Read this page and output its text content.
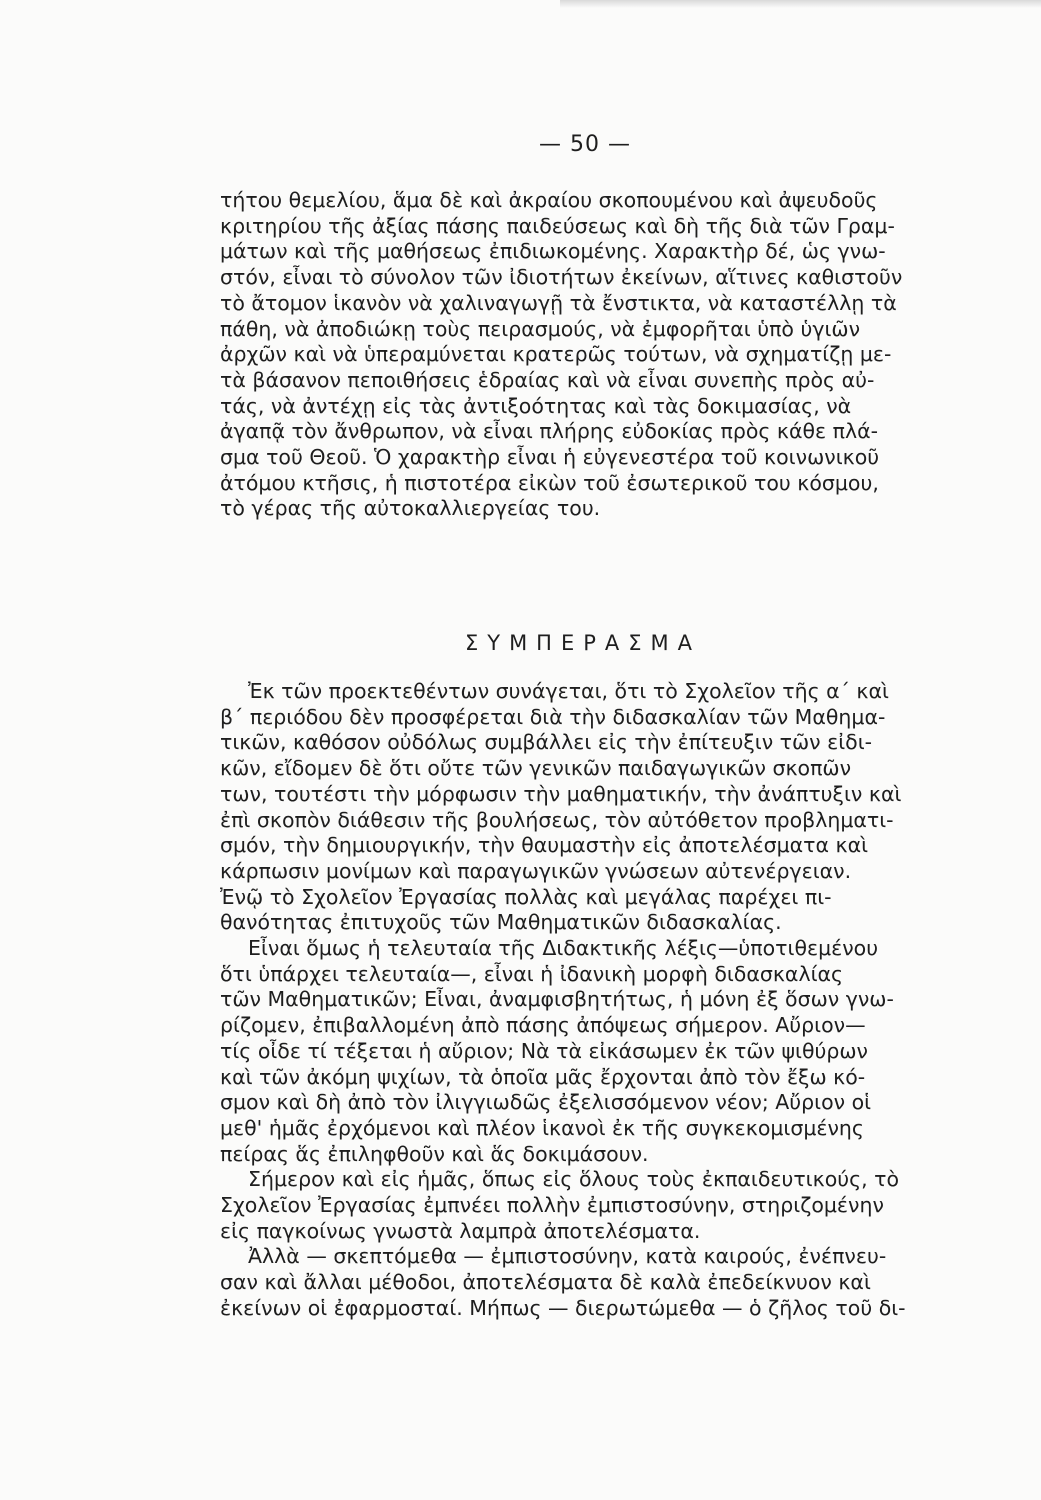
— 50 —

τήτου θεμελίου, ἅμα δὲ καὶ ἀκραίου σκοπουμένου καὶ ἀψευδοῦς
κριτηρίου τῆς ἀξίας πάσης παιδεύσεως καὶ δὴ τῆς διὰ τῶν Γραμ-
μάτων καὶ τῆς μαθήσεως ἐπιδιωκομένης. Χαρακτὴρ δέ, ὡς γνω-
στόν, εἶναι τὸ σύνολον τῶν ἰδιοτήτων ἐκείνων, αἵτινες καθιστοῦν
τὸ ἄτομον ἱκανὸν νὰ χαλιναγωγῇ τὰ ἔνστικτα, νὰ καταστέλλῃ τὰ
πάθη, νὰ ἀποδιώκῃ τοὺς πειρασμούς, νὰ ἐμφορῆται ὑπὸ ὑγιῶν
ἀρχῶν καὶ νὰ ὑπεραμύνεται κρατερῶς τούτων, νὰ σχηματίζῃ με-
τὰ βάσανον πεποιθήσεις ἑδραίας καὶ νὰ εἶναι συνεπὴς πρὸς αὐ-
τάς, νὰ ἀντέχῃ εἰς τὰς ἀντιξοότητας καὶ τὰς δοκιμασίας, νὰ
ἀγαπᾷ τὸν ἄνθρωπον, νὰ εἶναι πλήρης εὐδοκίας πρὸς κάθε πλά-
σμα τοῦ Θεοῦ. Ὁ χαρακτὴρ εἶναι ἡ εὐγενεστέρα τοῦ κοινωνικοῦ
ἀτόμου κτῆσις, ἡ πιστοτέρα εἰκὼν τοῦ ἐσωτερικοῦ του κόσμου,
τὸ γέρας τῆς αὐτοκαλλιεργείας του.

ΣΥΜΠΕΡΑΣΜΑ

Ἐκ τῶν προεκτεθέντων συνάγεται, ὅτι τὸ Σχολεῖον τῆς α΄ καὶ
β΄ περιόδου δὲν προσφέρεται διὰ τὴν διδασκαλίαν τῶν Μαθημα-
τικῶν, καθόσον οὐδόλως συμβάλλει εἰς τὴν ἐπίτευξιν τῶν εἰδι-
κῶν, εἴδομεν δὲ ὅτι οὔτε τῶν γενικῶν παιδαγωγικῶν σκοπῶν
των, τουτέστι τὴν μόρφωσιν τὴν μαθηματικήν, τὴν ἀνάπτυξιν καὶ
ἐπὶ σκοπὸν διάθεσιν τῆς βουλήσεως, τὸν αὐτόθετον προβληματι-
σμόν, τὴν δημιουργικήν, τὴν θαυμαστὴν εἰς ἀποτελέσματα καὶ
κάρπωσιν μονίμων καὶ παραγωγικῶν γνώσεων αὐτενέργειαν.
Ἐνῷ τὸ Σχολεῖον Ἐργασίας πολλὰς καὶ μεγάλας παρέχει πι-
θανότητας ἐπιτυχοῦς τῶν Μαθηματικῶν διδασκαλίας.

Εἶναι ὅμως ἡ τελευταία τῆς Διδακτικῆς λέξις—ὑποτιθεμένου
ὅτι ὑπάρχει τελευταία—, εἶναι ἡ ἰδανικὴ μορφὴ διδασκαλίας
τῶν Μαθηματικῶν; Εἶναι, ἀναμφισβητήτως, ἡ μόνη ἐξ ὅσων γνω-
ρίζομεν, ἐπιβαλλομένη ἀπὸ πάσης ἀπόψεως σήμερον. Αὔριον—
τίς οἶδε τί τέξεται ἡ αὔριον; Νὰ τὰ εἰκάσωμεν ἐκ τῶν ψιθύρων
καὶ τῶν ἀκόμη ψιχίων, τὰ ὁποῖα μᾶς ἔρχονται ἀπὸ τὸν ἔξω κό-
σμον καὶ δὴ ἀπὸ τὸν ἰλιγγιωδῶς ἐξελισσόμενον νέον; Αὔριον οἱ
μεθ' ἡμᾶς ἐρχόμενοι καὶ πλέον ἱκανοὶ ἐκ τῆς συγκεκομισμένης
πείρας ἅς ἐπιληφθοῦν καὶ ἅς δοκιμάσουν.

Σήμερον καὶ εἰς ἡμᾶς, ὅπως εἰς ὅλους τοὺς ἐκπαιδευτικούς, τὸ
Σχολεῖον Ἐργασίας ἐμπνέει πολλὴν ἐμπιστοσύνην, στηριζομένην
εἰς παγκοίνως γνωστὰ λαμπρὰ ἀποτελέσματα.

Ἀλλὰ — σκεπτόμεθα — ἐμπιστοσύνην, κατὰ καιρούς, ἐνέπνευ-
σαν καὶ ἄλλαι μέθοδοι, ἀποτελέσματα δὲ καλὰ ἐπεδείκνυον καὶ
ἐκείνων οἱ ἐφαρμοσταί. Μήπως — διερωτώμεθα — ὁ ζῆλος τοῦ δι-
